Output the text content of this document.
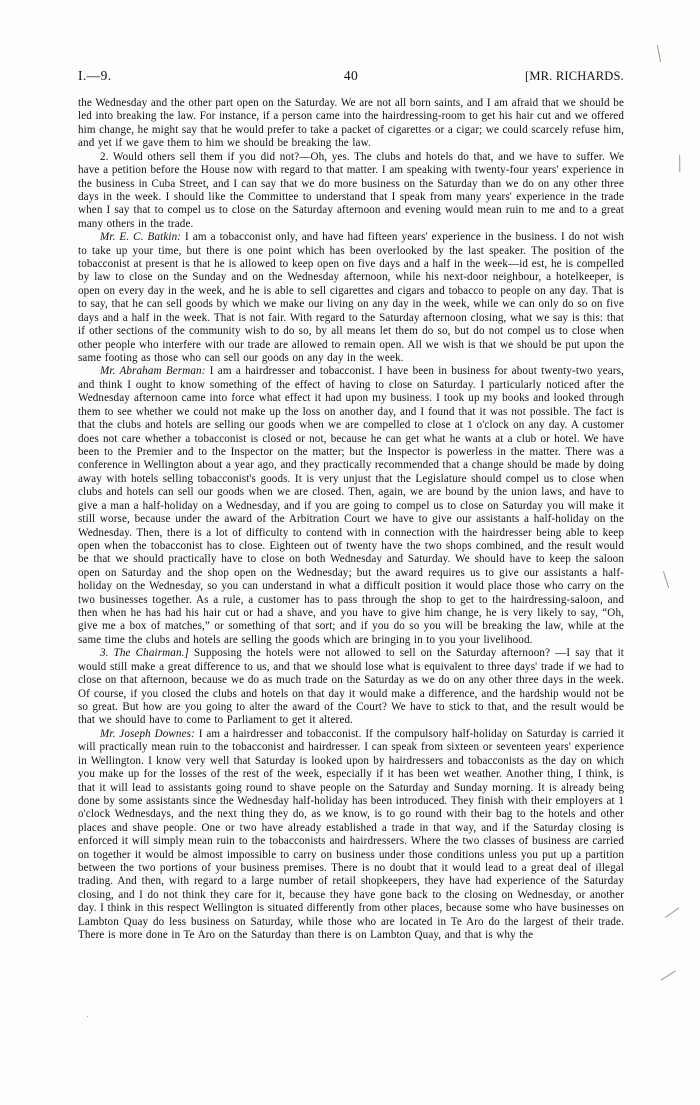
I.—9.	40	[MR. RICHARDS.

the Wednesday and the other part open on the Saturday. We are not all born saints, and I am afraid that we should be led into breaking the law. For instance, if a person came into the hairdressing-room to get his hair cut and we offered him change, he might say that he would prefer to take a packet of cigarettes or a cigar; we could scarcely refuse him, and yet if we gave them to him we should be breaking the law.

2. Would others sell them if you did not?—Oh, yes. The clubs and hotels do that, and we have to suffer. We have a petition before the House now with regard to that matter. I am speaking with twenty-four years' experience in the business in Cuba Street, and I can say that we do more business on the Saturday than we do on any other three days in the week. I should like the Committee to understand that I speak from many years' experience in the trade when I say that to compel us to close on the Saturday afternoon and evening would mean ruin to me and to a great many others in the trade.

Mr. E. C. Batkin: I am a tobacconist only, and have had fifteen years' experience in the business. I do not wish to take up your time, but there is one point which has been overlooked by the last speaker. The position of the tobacconist at present is that he is allowed to keep open on five days and a half in the week—id est, he is compelled by law to close on the Sunday and on the Wednesday afternoon, while his next-door neighbour, a hotelkeeper, is open on every day in the week, and he is able to sell cigarettes and cigars and tobacco to people on any day. That is to say, that he can sell goods by which we make our living on any day in the week, while we can only do so on five days and a half in the week. That is not fair. With regard to the Saturday afternoon closing, what we say is this: that if other sections of the community wish to do so, by all means let them do so, but do not compel us to close when other people who interfere with our trade are allowed to remain open. All we wish is that we should be put upon the same footing as those who can sell our goods on any day in the week.

Mr. Abraham Berman: I am a hairdresser and tobacconist. I have been in business for about twenty-two years, and think I ought to know something of the effect of having to close on Saturday. I particularly noticed after the Wednesday afternoon came into force what effect it had upon my business. I took up my books and looked through them to see whether we could not make up the loss on another day, and I found that it was not possible. The fact is that the clubs and hotels are selling our goods when we are compelled to close at 1 o'clock on any day. A customer does not care whether a tobacconist is closed or not, because he can get what he wants at a club or hotel. We have been to the Premier and to the Inspector on the matter; but the Inspector is powerless in the matter. There was a conference in Wellington about a year ago, and they practically recommended that a change should be made by doing away with hotels selling tobacconist's goods. It is very unjust that the Legislature should compel us to close when clubs and hotels can sell our goods when we are closed. Then, again, we are bound by the union laws, and have to give a man a half-holiday on a Wednesday, and if you are going to compel us to close on Saturday you will make it still worse, because under the award of the Arbitration Court we have to give our assistants a half-holiday on the Wednesday. Then, there is a lot of difficulty to contend with in connection with the hairdresser being able to keep open when the tobacconist has to close. Eighteen out of twenty have the two shops combined, and the result would be that we should practically have to close on both Wednesday and Saturday. We should have to keep the saloon open on Saturday and the shop open on the Wednesday; but the award requires us to give our assistants a half-holiday on the Wednesday, so you can understand in what a difficult position it would place those who carry on the two businesses together. As a rule, a customer has to pass through the shop to get to the hairdressing-saloon, and then when he has had his hair cut or had a shave, and you have to give him change, he is very likely to say, “Oh, give me a box of matches,” or something of that sort; and if you do so you will be breaking the law, while at the same time the clubs and hotels are selling the goods which are bringing in to you your livelihood.

3. The Chairman.] Supposing the hotels were not allowed to sell on the Saturday afternoon? —I say that it would still make a great difference to us, and that we should lose what is equivalent to three days' trade if we had to close on that afternoon, because we do as much trade on the Saturday as we do on any other three days in the week. Of course, if you closed the clubs and hotels on that day it would make a difference, and the hardship would not be so great. But how are you going to alter the award of the Court? We have to stick to that, and the result would be that we should have to come to Parliament to get it altered.

Mr. Joseph Downes: I am a hairdresser and tobacconist. If the compulsory half-holiday on Saturday is carried it will practically mean ruin to the tobacconist and hairdresser. I can speak from sixteen or seventeen years' experience in Wellington. I know very well that Saturday is looked upon by hairdressers and tobacconists as the day on which you make up for the losses of the rest of the week, especially if it has been wet weather. Another thing, I think, is that it will lead to assistants going round to shave people on the Saturday and Sunday morning. It is already being done by some assistants since the Wednesday half-holiday has been introduced. They finish with their employers at 1 o'clock Wednesdays, and the next thing they do, as we know, is to go round with their bag to the hotels and other places and shave people. One or two have already established a trade in that way, and if the Saturday closing is enforced it will simply mean ruin to the tobacconists and hairdressers. Where the two classes of business are carried on together it would be almost impossible to carry on business under those conditions unless you put up a partition between the two portions of your business premises. There is no doubt that it would lead to a great deal of illegal trading. And then, with regard to a large number of retail shopkeepers, they have had experience of the Saturday closing, and I do not think they care for it, because they have gone back to the closing on Wednesday, or another day. I think in this respect Wellington is situated differently from other places, because some who have businesses on Lambton Quay do less business on Saturday, while those who are located in Te Aro do the largest of their trade. There is more done in Te Aro on the Saturday than there is on Lambton Quay, and that is why the

╲
╱
╲
╱
╱
·
